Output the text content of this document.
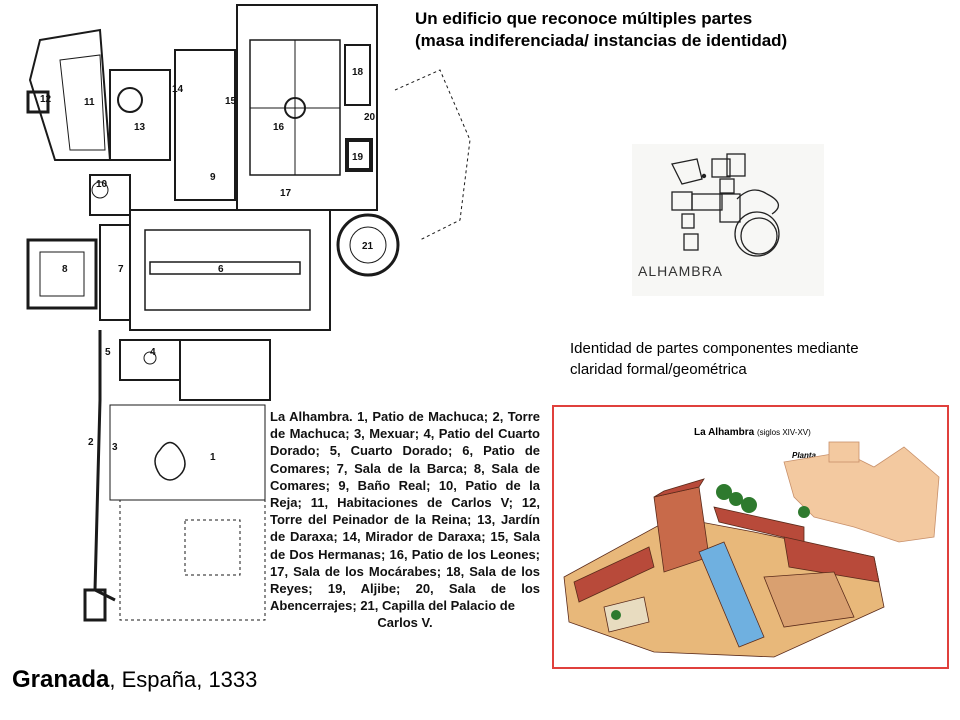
1
2 3
4
5
6
7
8
9
10
11
12
13
14
15
16
17
18
19
20
21
La Alhambra. 1, Patio de Machuca; 2, Torre de Machuca; 3, Mexuar; 4, Patio del Cuarto Dorado; 5, Cuarto Dorado; 6, Patio de Comares; 7, Sala de la Barca; 8, Sala de Comares; 9, Baño Real; 10, Patio de la Reja; 11, Habitaciones de Carlos V; 12, Torre del Peinador de la Reina; 13, Jardín de Daraxa; 14, Mirador de Daraxa; 15, Sala de Dos Hermanas; 16, Patio de los Leones; 17, Sala de los Mocárabes; 18, Sala de los Reyes; 19, Aljibe; 20, Sala de los Abencerrajes; 21, Capilla del Palacio de
Carlos V.
Un edificio que reconoce múltiples partes
(masa indiferenciada/ instancias de identidad)
ALHAMBRA
Identidad de partes componentes mediante
claridad formal/geométrica
La Alhambra (siglos XIV-XV)
Planta
Granada, España, 1333
